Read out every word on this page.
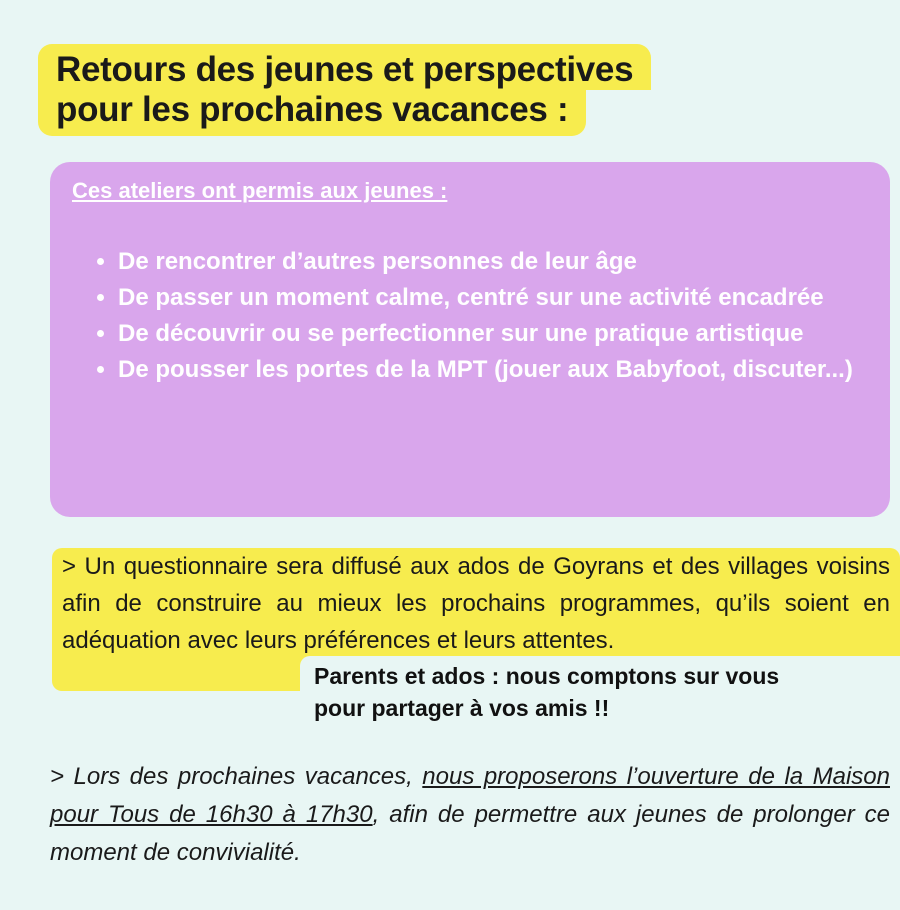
Retours des jeunes et perspectives
pour les prochaines vacances :
Ces ateliers ont permis aux jeunes :
• De rencontrer d’autres personnes de leur âge
• De passer un moment calme, centré sur une activité encadrée
• De découvrir ou se perfectionner sur une pratique artistique
• De pousser les portes de la MPT (jouer aux Babyfoot, discuter...)
> Un questionnaire sera diffusé aux ados de Goyrans et des villages voisins afin de construire au mieux les prochains programmes, qu’ils soient en adéquation avec leurs préférences et leurs attentes.
Parents et ados : nous comptons sur vous
pour partager à vos amis !!
> Lors des prochaines vacances, nous proposerons l’ouverture de la Maison pour Tous de 16h30 à 17h30, afin de permettre aux jeunes de prolonger ce moment de convivialité.
